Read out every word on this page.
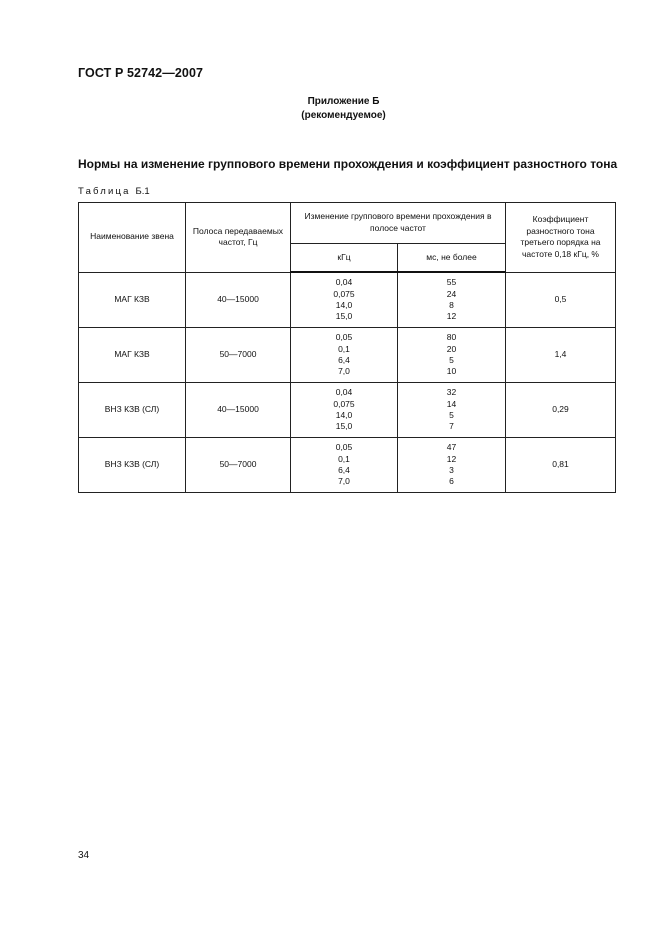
ГОСТ Р 52742—2007
Приложение Б
(рекомендуемое)
Нормы на изменение группового времени прохождения и коэффициент разностного тона
Таблица Б.1
Наименование звена	Полоса передаваемых частот, Гц	Изменение группового времени прохождения в полосе частот		Коэффициент разностного тона третьего порядка на частоте 0,18 кГц, %
		кГц	мс, не более	
МАГ КЗВ	40—15000	0,04
0,075
14,0
15,0	55
24
8
12	0,5
МАГ КЗВ	50—7000	0,05
0,1
6,4
7,0	80
20
5
10	1,4
ВНЗ КЗВ (СЛ)	40—15000	0,04
0,075
14,0
15,0	32
14
5
7	0,29
ВНЗ КЗВ (СЛ)	50—7000	0,05
0,1
6,4
7,0	47
12
3
6	0,81
34
